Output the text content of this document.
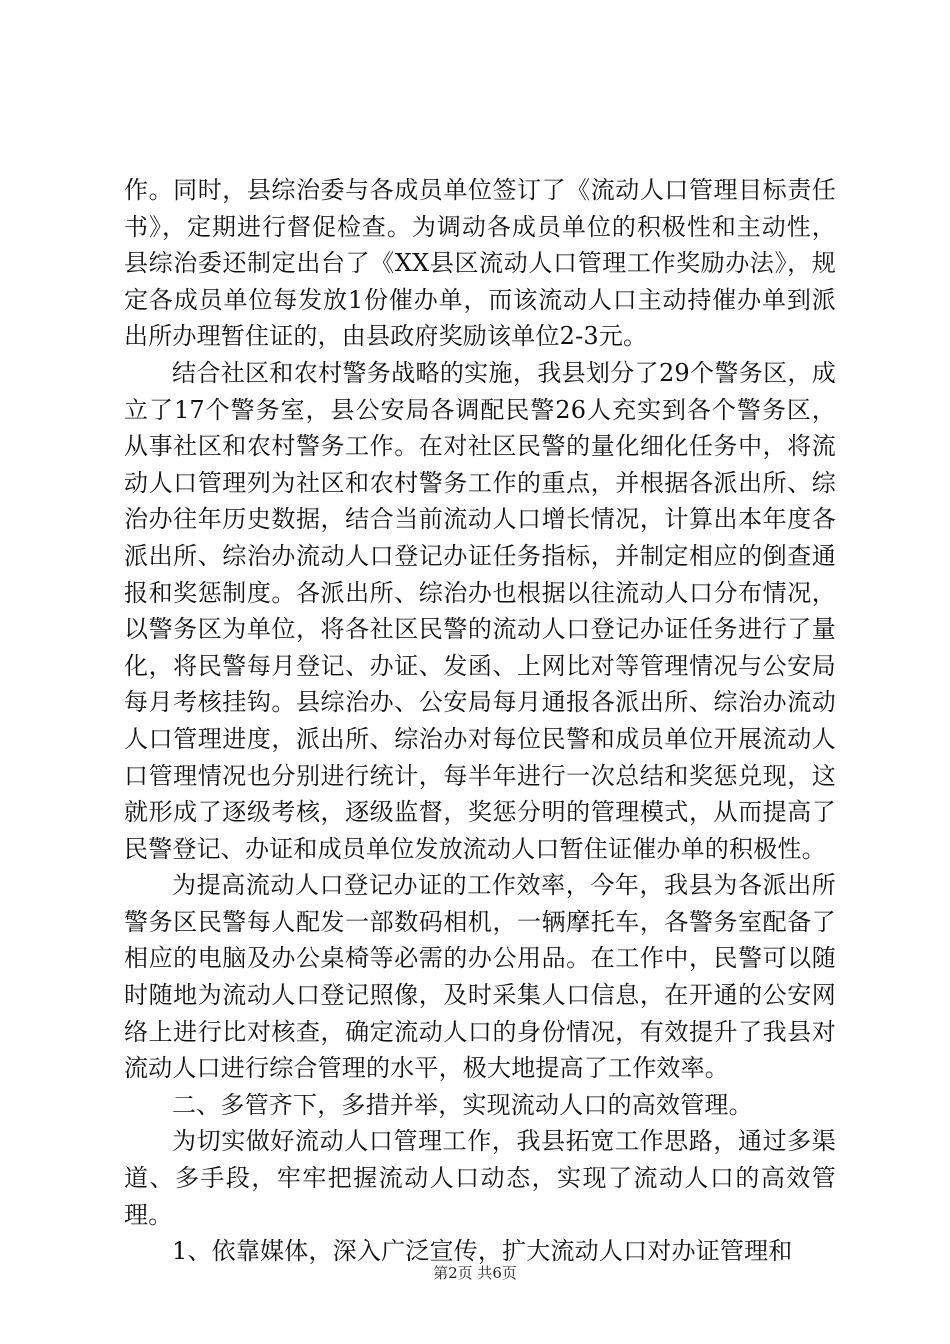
作。同时，县综治委与各成员单位签订了《流动人口管理目标责任书》，定期进行督促检查。为调动各成员单位的积极性和主动性，县综治委还制定出台了《XX县区流动人口管理工作奖励办法》，规定各成员单位每发放1份催办单，而该流动人口主动持催办单到派出所办理暂住证的，由县政府奖励该单位2-3元。

结合社区和农村警务战略的实施，我县划分了29个警务区，成立了17个警务室，县公安局各调配民警26人充实到各个警务区，从事社区和农村警务工作。在对社区民警的量化细化任务中，将流动人口管理列为社区和农村警务工作的重点，并根据各派出所、综治办往年历史数据，结合当前流动人口增长情况，计算出本年度各派出所、综治办流动人口登记办证任务指标，并制定相应的倒查通报和奖惩制度。各派出所、综治办也根据以往流动人口分布情况，以警务区为单位，将各社区民警的流动人口登记办证任务进行了量化，将民警每月登记、办证、发函、上网比对等管理情况与公安局每月考核挂钩。县综治办、公安局每月通报各派出所、综治办流动人口管理进度，派出所、综治办对每位民警和成员单位开展流动人口管理情况也分别进行统计，每半年进行一次总结和奖惩兑现，这就形成了逐级考核，逐级监督，奖惩分明的管理模式，从而提高了民警登记、办证和成员单位发放流动人口暂住证催办单的积极性。

为提高流动人口登记办证的工作效率，今年，我县为各派出所警务区民警每人配发一部数码相机，一辆摩托车，各警务室配备了相应的电脑及办公桌椅等必需的办公用品。在工作中，民警可以随时随地为流动人口登记照像，及时采集人口信息，在开通的公安网络上进行比对核查，确定流动人口的身份情况，有效提升了我县对流动人口进行综合管理的水平，极大地提高了工作效率。

二、多管齐下，多措并举，实现流动人口的高效管理。

为切实做好流动人口管理工作，我县拓宽工作思路，通过多渠道、多手段，牢牢把握流动人口动态，实现了流动人口的高效管理。

1、依靠媒体，深入广泛宣传，扩大流动人口对办证管理和

第2页 共6页
